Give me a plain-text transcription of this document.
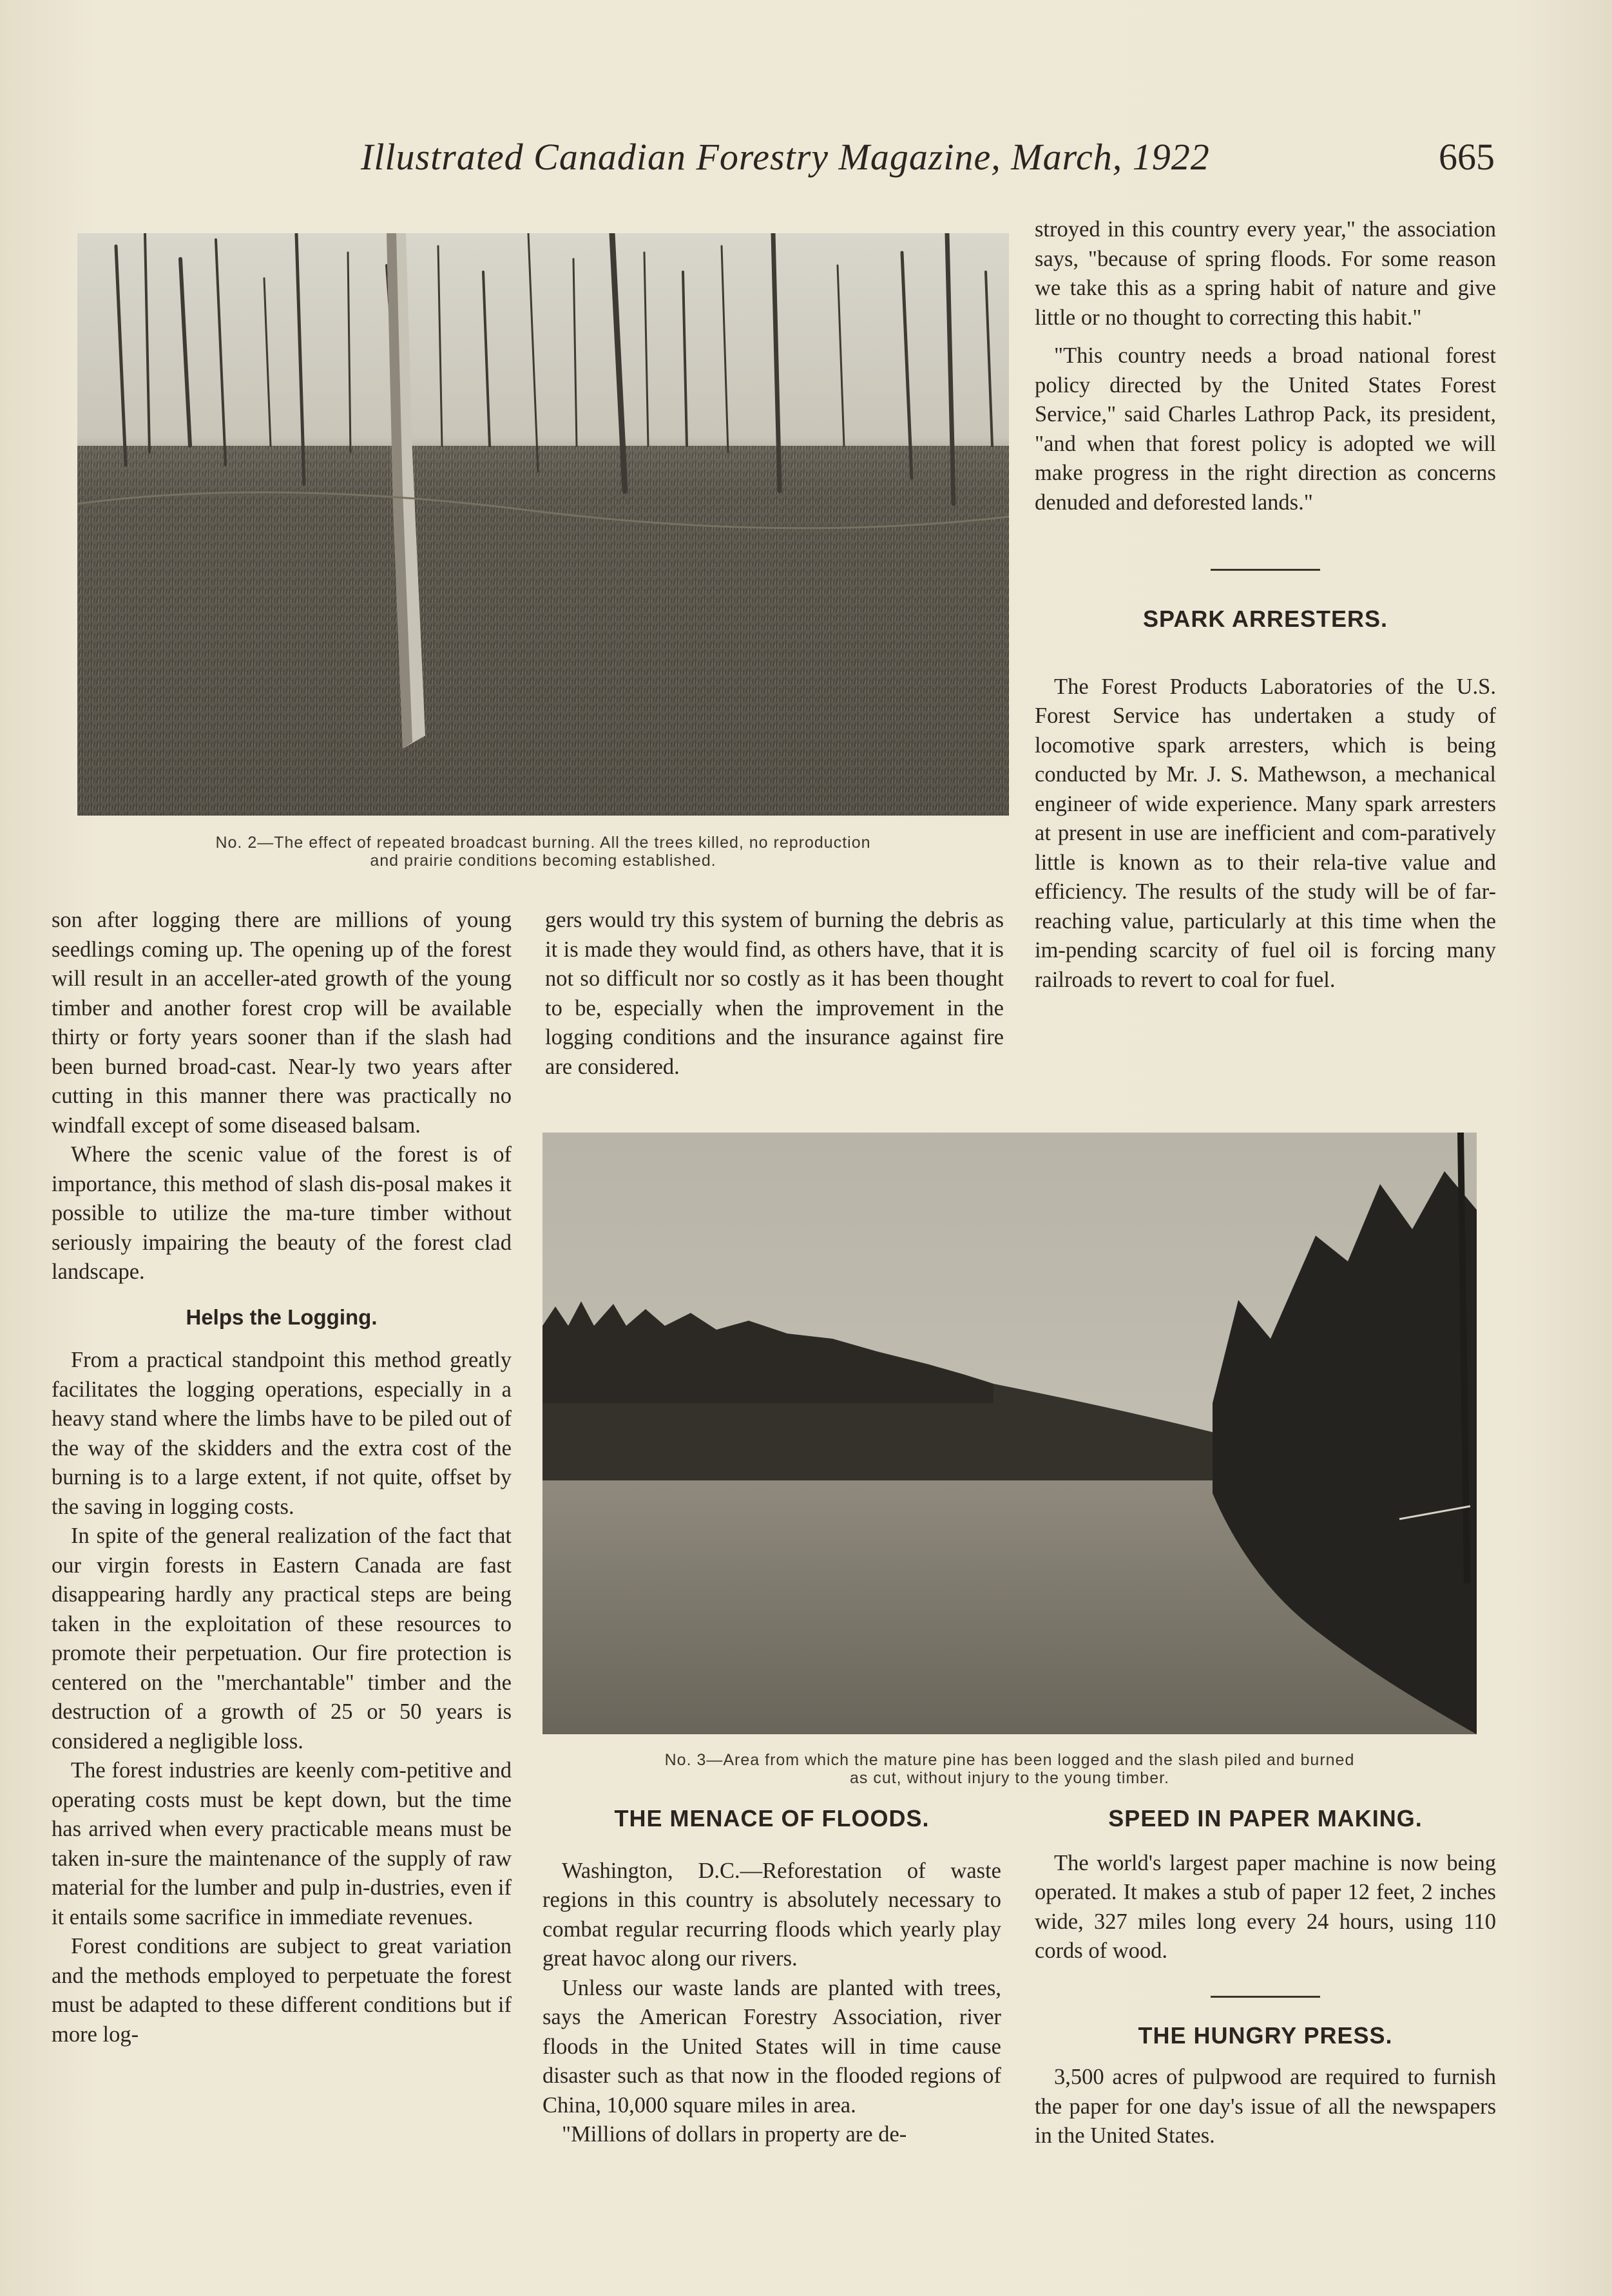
Illustrated Canadian Forestry Magazine, March, 1922	665
No. 2—The effect of repeated broadcast burning. All the trees killed, no reproduction
and prairie conditions becoming established.

son after logging there are millions of young seedlings coming up. The opening up of the forest will result in an acceller-ated growth of the young timber and another forest crop will be available thirty or forty years sooner than if the slash had been burned broad-cast. Near-ly two years after cutting in this manner there was practically no windfall except of some diseased balsam.

Where the scenic value of the forest is of importance, this method of slash dis-posal makes it possible to utilize the ma-ture timber without seriously impairing the beauty of the forest clad landscape.

Helps the Logging.

From a practical standpoint this method greatly facilitates the logging operations, especially in a heavy stand where the limbs have to be piled out of the way of the skidders and the extra cost of the burning is to a large extent, if not quite, offset by the saving in logging costs.

In spite of the general realization of the fact that our virgin forests in Eastern Canada are fast disappearing hardly any practical steps are being taken in the exploitation of these resources to promote their perpetuation. Our fire protection is centered on the "merchantable" timber and the destruction of a growth of 25 or 50 years is considered a negligible loss.

The forest industries are keenly com-petitive and operating costs must be kept down, but the time has arrived when every practicable means must be taken in-sure the maintenance of the supply of raw material for the lumber and pulp in-dustries, even if it entails some sacrifice in immediate revenues.

Forest conditions are subject to great variation and the methods employed to perpetuate the forest must be adapted to these different conditions but if more log-

gers would try this system of burning the debris as it is made they would find, as others have, that it is not so difficult nor so costly as it has been thought to be, especially when the improvement in the logging conditions and the insurance against fire are considered.

stroyed in this country every year," the association says, "because of spring floods. For some reason we take this as a spring habit of nature and give little or no thought to correcting this habit."

"This country needs a broad national forest policy directed by the United States Forest Service," said Charles Lathrop Pack, its president, "and when that forest policy is adopted we will make progress in the right direction as concerns denuded and deforested lands."

SPARK ARRESTERS.

The Forest Products Laboratories of the U.S. Forest Service has undertaken a study of locomotive spark arresters, which is being conducted by Mr. J. S. Mathewson, a mechanical engineer of wide experience. Many spark arresters at present in use are inefficient and com-paratively little is known as to their rela-tive value and efficiency. The results of the study will be of far-reaching value, particularly at this time when the im-pending scarcity of fuel oil is forcing many railroads to revert to coal for fuel.

No. 3—Area from which the mature pine has been logged and the slash piled and burned
as cut, without injury to the young timber.
THE MENACE OF FLOODS.

Washington, D.C.—Reforestation of waste regions in this country is absolutely necessary to combat regular recurring floods which yearly play great havoc along our rivers.

Unless our waste lands are planted with trees, says the American Forestry Association, river floods in the United States will in time cause disaster such as that now in the flooded regions of China, 10,000 square miles in area.

"Millions of dollars in property are de-

SPEED IN PAPER MAKING.

The world's largest paper machine is now being operated. It makes a stub of paper 12 feet, 2 inches wide, 327 miles long every 24 hours, using 110 cords of wood.

THE HUNGRY PRESS.

3,500 acres of pulpwood are required to furnish the paper for one day's issue of all the newspapers in the United States.
